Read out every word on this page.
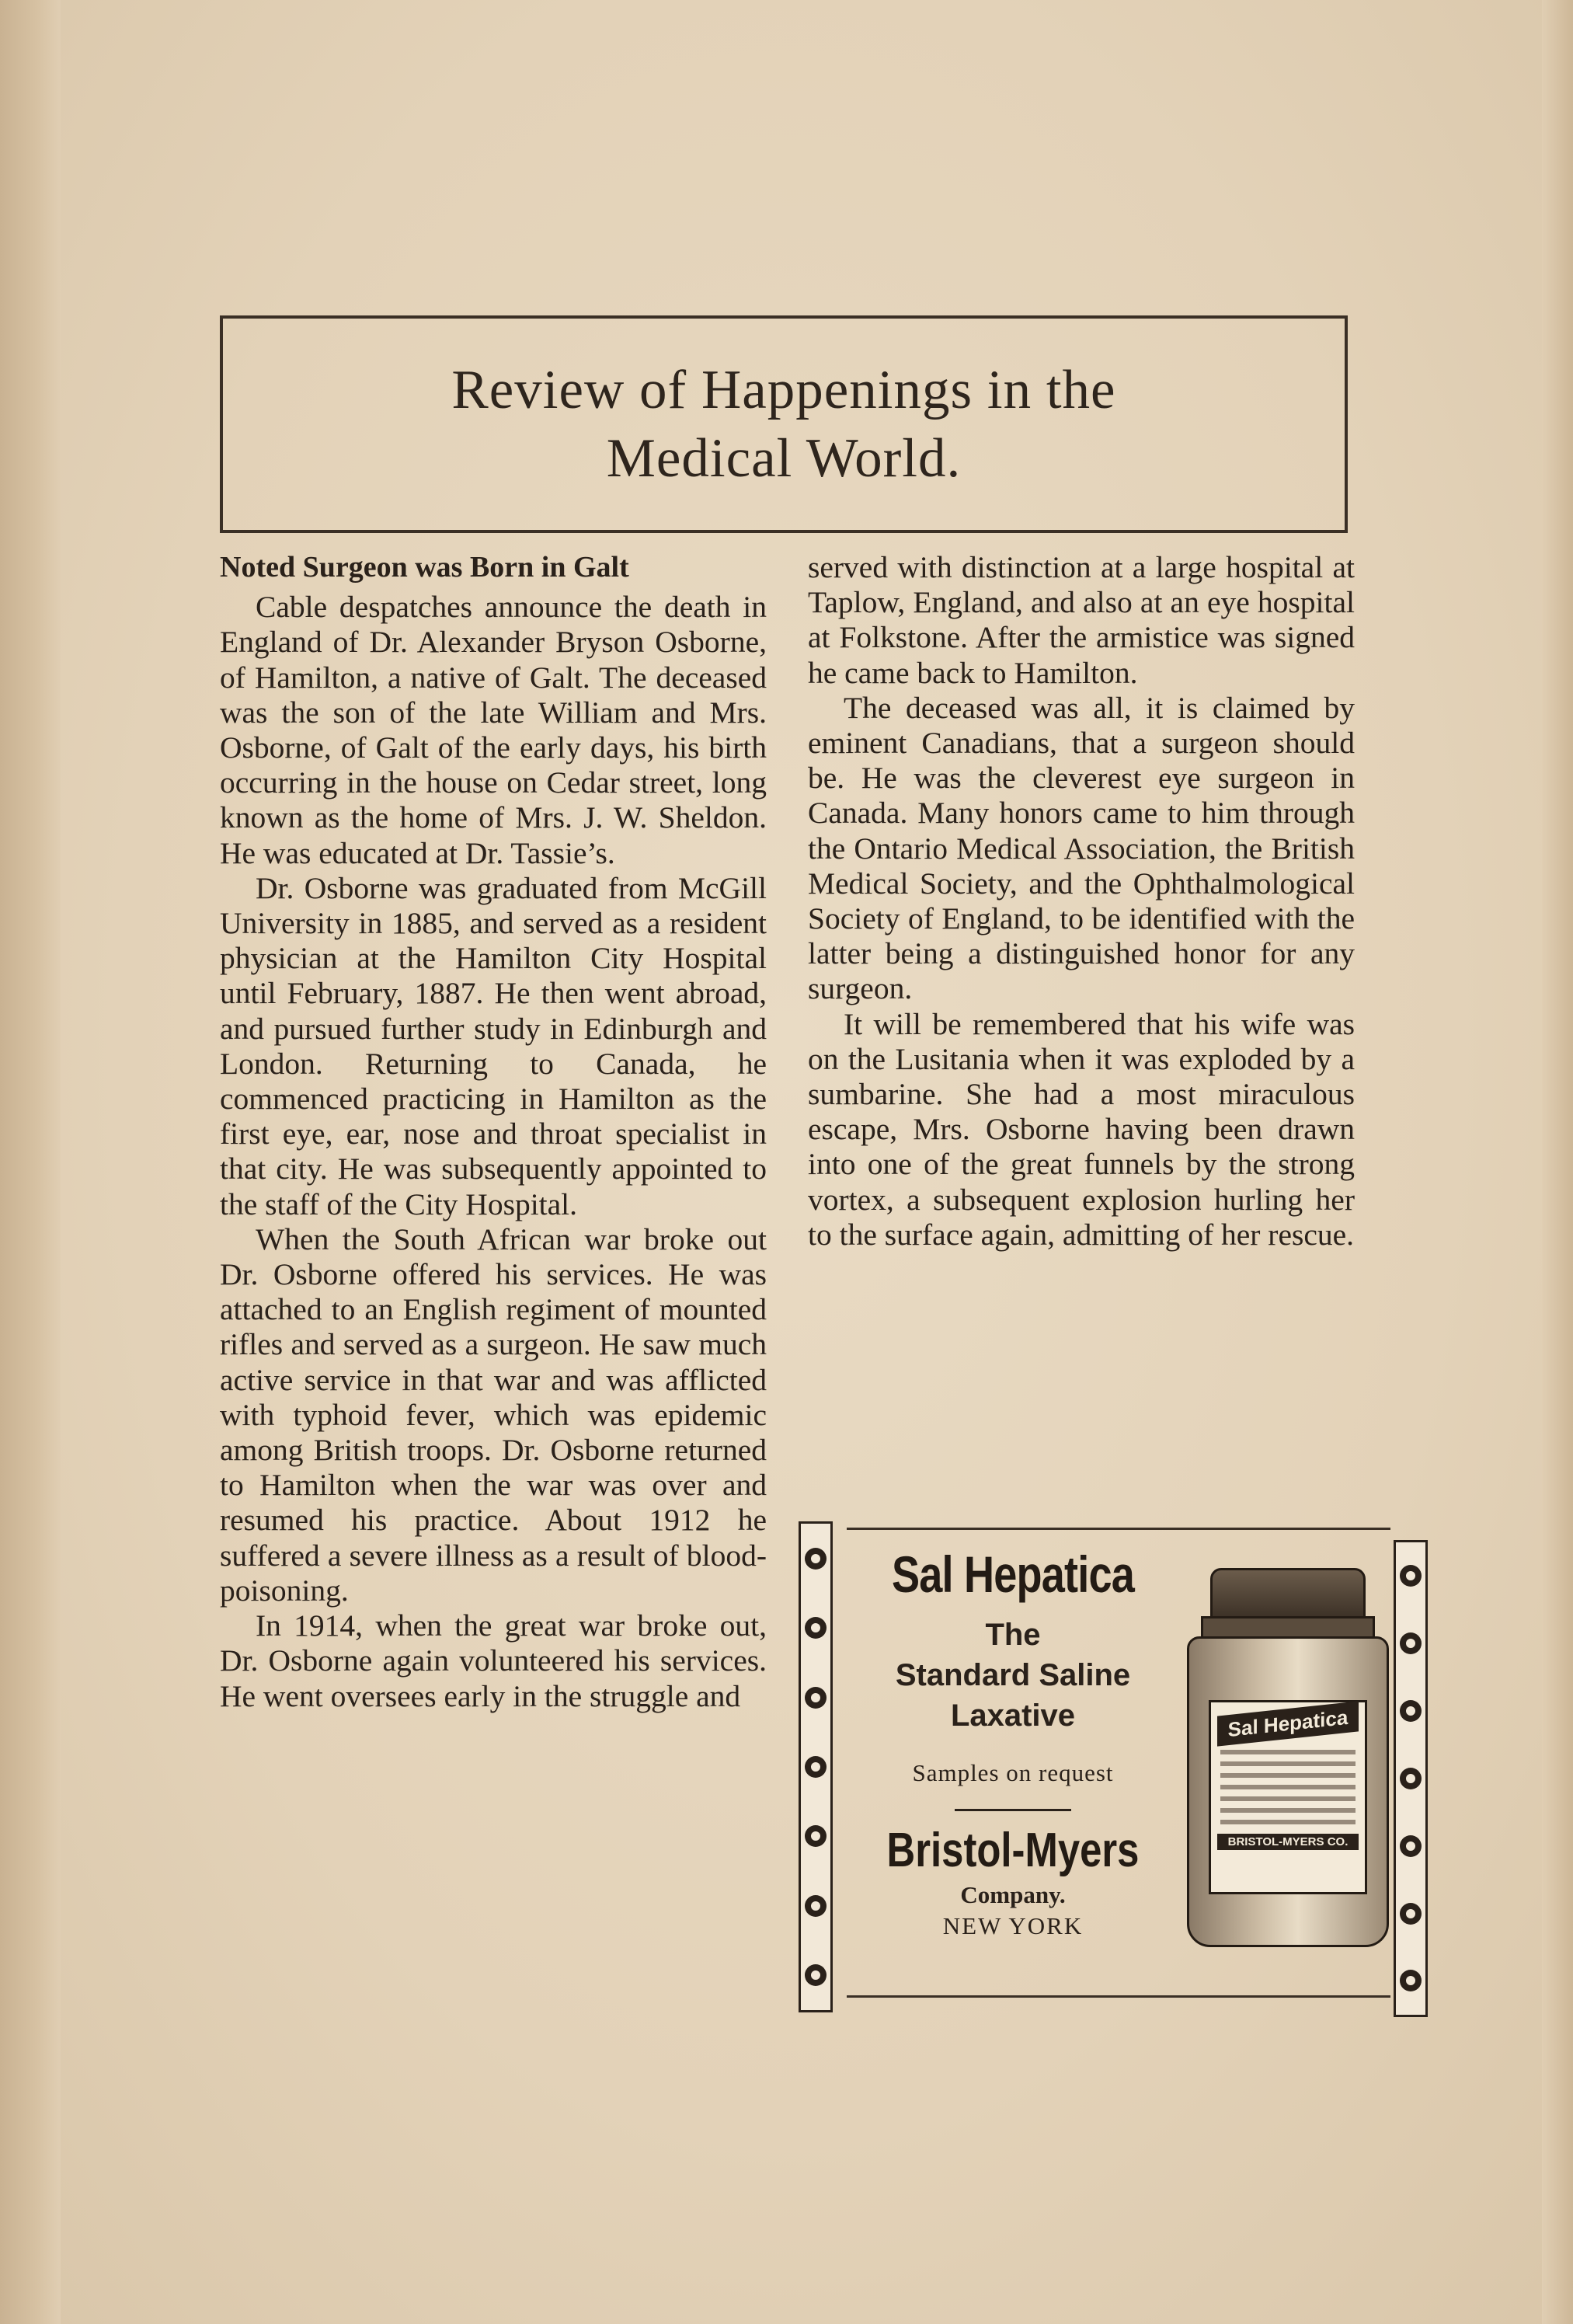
Review of Happenings in the
Medical World.

Noted Surgeon was Born in Galt

Cable despatches announce the death in England of Dr. Alexander Bryson Osborne, of Hamilton, a native of Galt. The deceased was the son of the late William and Mrs. Osborne, of Galt of the early days, his birth occurring in the house on Cedar street, long known as the home of Mrs. J. W. Sheldon. He was educated at Dr. Tassie’s.

Dr. Osborne was graduated from McGill University in 1885, and served as a resident physician at the Hamilton City Hospital until February, 1887. He then went abroad, and pursued further study in Edinburgh and London. Returning to Canada, he commenced practicing in Hamilton as the first eye, ear, nose and throat specialist in that city. He was subsequently appointed to the staff of the City Hospital.

When the South African war broke out Dr. Osborne offered his services. He was attached to an English regiment of mounted rifles and served as a surgeon. He saw much active service in that war and was afflicted with typhoid fever, which was epidemic among British troops. Dr. Osborne returned to Hamilton when the war was over and resumed his practice. About 1912 he suffered a severe illness as a result of blood-poisoning.

In 1914, when the great war broke out, Dr. Osborne again volunteered his services. He went oversees early in the struggle and

served with distinction at a large hospital at Taplow, England, and also at an eye hospital at Folkstone. After the armistice was signed he came back to Hamilton.

The deceased was all, it is claimed by eminent Canadians, that a surgeon should be. He was the cleverest eye surgeon in Canada. Many honors came to him through the Ontario Medical Association, the British Medical Society, and the Ophthalmological Society of England, to be identified with the latter being a distinguished honor for any surgeon.

It will be remembered that his wife was on the Lusitania when it was exploded by a sumbarine. She had a most miraculous escape, Mrs. Osborne having been drawn into one of the great funnels by the strong vortex, a subsequent explosion hurling her to the surface again, admitting of her rescue.

Sal Hepatica
The
Standard Saline
Laxative
Samples on request
Bristol-Myers
Company.
NEW YORK
Sal Hepatica
BRISTOL-MYERS CO.
